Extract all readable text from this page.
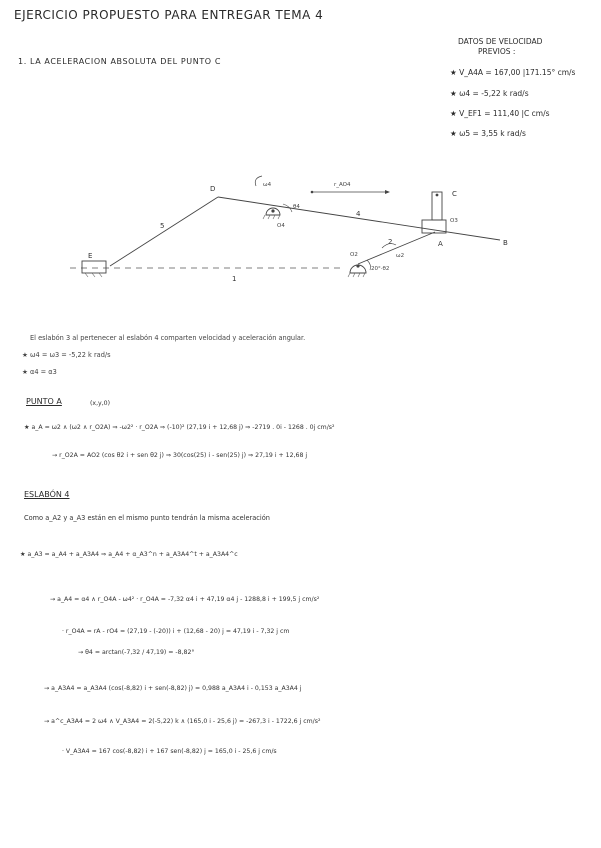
EJERCICIO PROPUESTO PARA ENTREGAR TEMA 4
1. LA ACELERACION ABSOLUTA DEL PUNTO C
DATOS DE VELOCIDAD
PREVIOS :
★ V_A4A = 167,00 |171.15° cm/s
★ ω4 = -5,22 k rad/s
★ V_EF1 = 111,40 |C cm/s
★ ω5 = 3,55 k rad/s
D
C
E
A	B
5
4
1
2
ω4
ω2
O4
O2
O3
r_AO4
θ4
20°·θ2
El eslabón 3 al pertenecer al eslabón 4 comparten velocidad y aceleración angular.
★ ω4 = ω3 = -5,22 k rad/s
★ α4 = α3
PUNTO A	(x,y,0)
★ a_A = ω2 ∧ (ω2 ∧ r_O2A) ⇒ -ω2² · r_O2A ⇒ (-10)² (27,19 i + 12,68 j) ⇒ -2719 . 0i - 1268 . 0j cm/s²
→ r_O2A = AO2 (cos θ2 i + sen θ2 j) ⇒ 30(cos(25) i - sen(25) j) ⇒ 27,19 i + 12,68 j
ESLABÓN 4
Como a_A2 y a_A3 están en el mismo punto tendrán la misma aceleración
★ a_A3 = a_A4 + a_A3A4 ⇒ a_A4 + α_A3^n + a_A3A4^t + a_A3A4^c
→ a_A4 = α4 ∧ r_O4A - ω4² · r_O4A = -7,32 α4 i + 47,19 α4 j - 1288,8 i + 199,5 j cm/s²
· r_O4A = rA - rO4 = (27,19 - (-20)) i + (12,68 - 20) j = 47,19 i - 7,32 j cm
→ θ4 = arctan(-7,32 / 47,19) = -8,82°
→ a_A3A4 = a_A3A4 (cos(-8,82) i + sen(-8,82) j) = 0,988 a_A3A4 i - 0,153 a_A3A4 j
→ a^c_A3A4 = 2 ω4 ∧ V_A3A4 = 2(-5,22) k ∧ (165,0 i - 25,6 j) = -267,3 i - 1722,6 j cm/s²
· V_A3A4 = 167 cos(-8,82) i + 167 sen(-8,82) j = 165,0 i - 25,6 j cm/s
